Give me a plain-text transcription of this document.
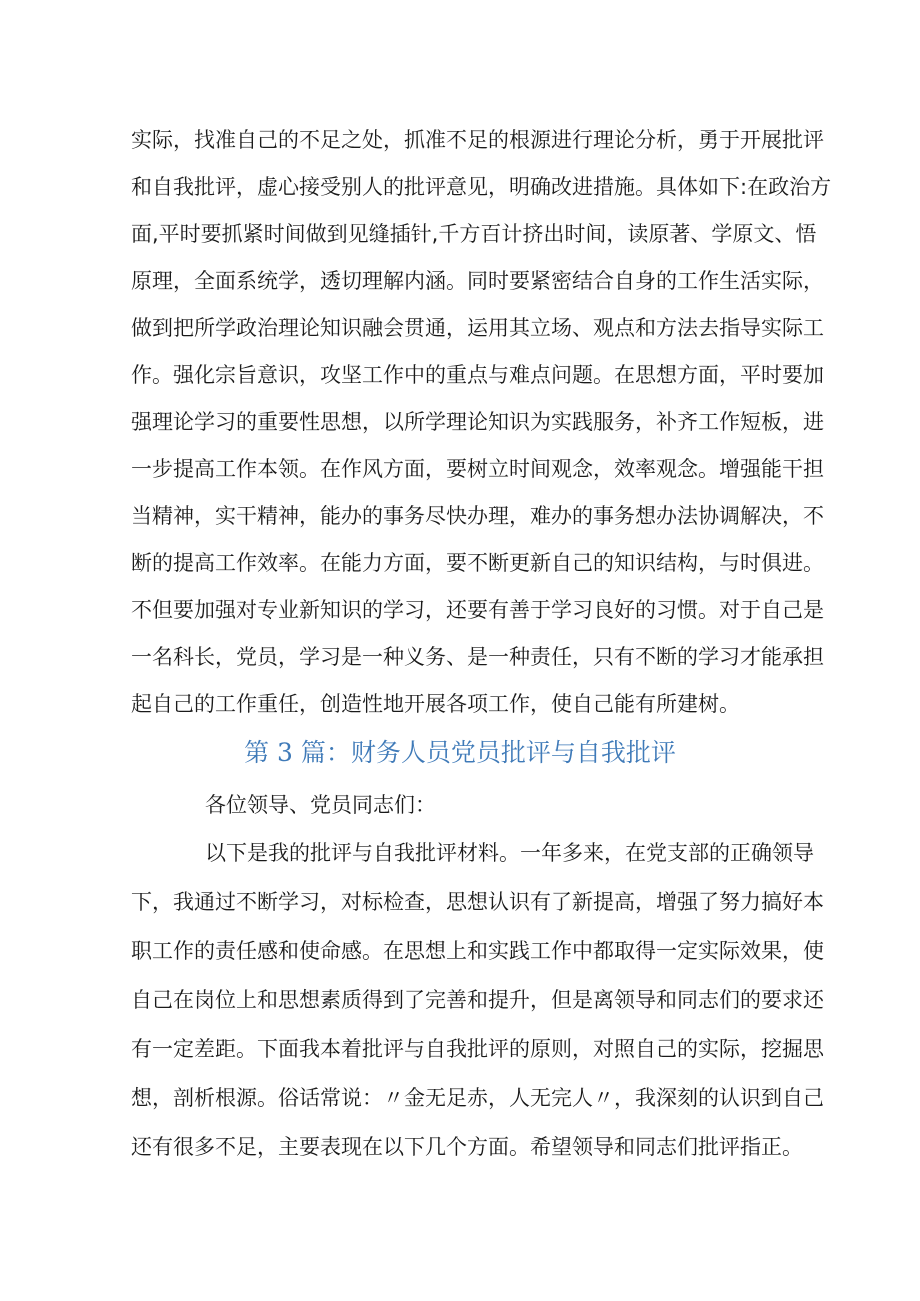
实际，找准自己的不足之处，抓准不足的根源进行理论分析，勇于开展批评
和自我批评，虚心接受别人的批评意见，明确改进措施。具体如下:在政治方
面,平时要抓紧时间做到见缝插针,千方百计挤出时间，读原著、学原文、悟
原理，全面系统学，透切理解内涵。同时要紧密结合自身的工作生活实际，
做到把所学政治理论知识融会贯通，运用其立场、观点和方法去指导实际工
作。强化宗旨意识，攻坚工作中的重点与难点问题。在思想方面，平时要加
强理论学习的重要性思想，以所学理论知识为实践服务，补齐工作短板，进
一步提高工作本领。在作风方面，要树立时间观念，效率观念。增强能干担
当精神，实干精神，能办的事务尽快办理，难办的事务想办法协调解决，不
断的提高工作效率。在能力方面，要不断更新自己的知识结构，与时俱进。
不但要加强对专业新知识的学习，还要有善于学习良好的习惯。对于自己是
一名科长，党员，学习是一种义务、是一种责任，只有不断的学习才能承担
起自己的工作重任，创造性地开展各项工作，使自己能有所建树。
第 3 篇：财务人员党员批评与自我批评
各位领导、党员同志们：
以下是我的批评与自我批评材料。一年多来，在党支部的正确领导
下，我通过不断学习，对标检查，思想认识有了新提高，增强了努力搞好本
职工作的责任感和使命感。在思想上和实践工作中都取得一定实际效果，使
自己在岗位上和思想素质得到了完善和提升，但是离领导和同志们的要求还
有一定差距。下面我本着批评与自我批评的原则，对照自己的实际，挖掘思
想，剖析根源。俗话常说：〃金无足赤，人无完人〃，我深刻的认识到自己
还有很多不足，主要表现在以下几个方面。希望领导和同志们批评指正。
